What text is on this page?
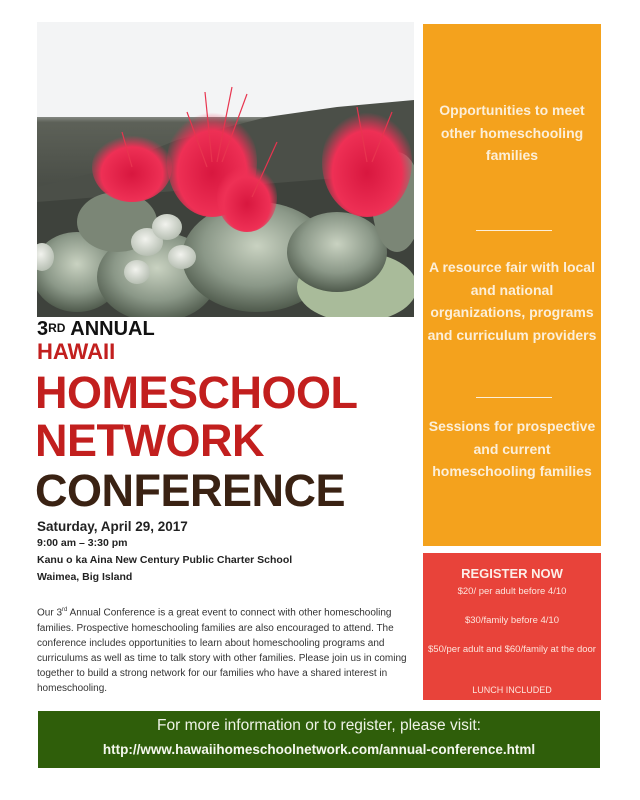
3RD ANNUAL
HAWAII
HOMESCHOOL
NETWORK
CONFERENCE
Saturday, April 29, 2017
9:00 am – 3:30 pm
Kanu o ka Aina New Century Public Charter School
Waimea, Big Island
Our 3rd Annual Conference is a great event to connect with other homeschooling families. Prospective homeschooling families are also encouraged to attend. The conference includes opportunities to learn about homeschooling programs and curriculums as well as time to talk story with other families. Please join us in coming together to build a strong network for our families who have a shared interest in homeschooling.
Opportunities to meet other homeschooling families
A resource fair with local and national organizations, programs and curriculum providers
Sessions for prospective and current homeschooling families
REGISTER NOW
$20/ per adult before 4/10
$30/family before 4/10
$50/per adult and $60/family at the door
LUNCH INCLUDED
For more information or to register, please visit:
http://www.hawaiihomeschoolnetwork.com/annual-conference.html
